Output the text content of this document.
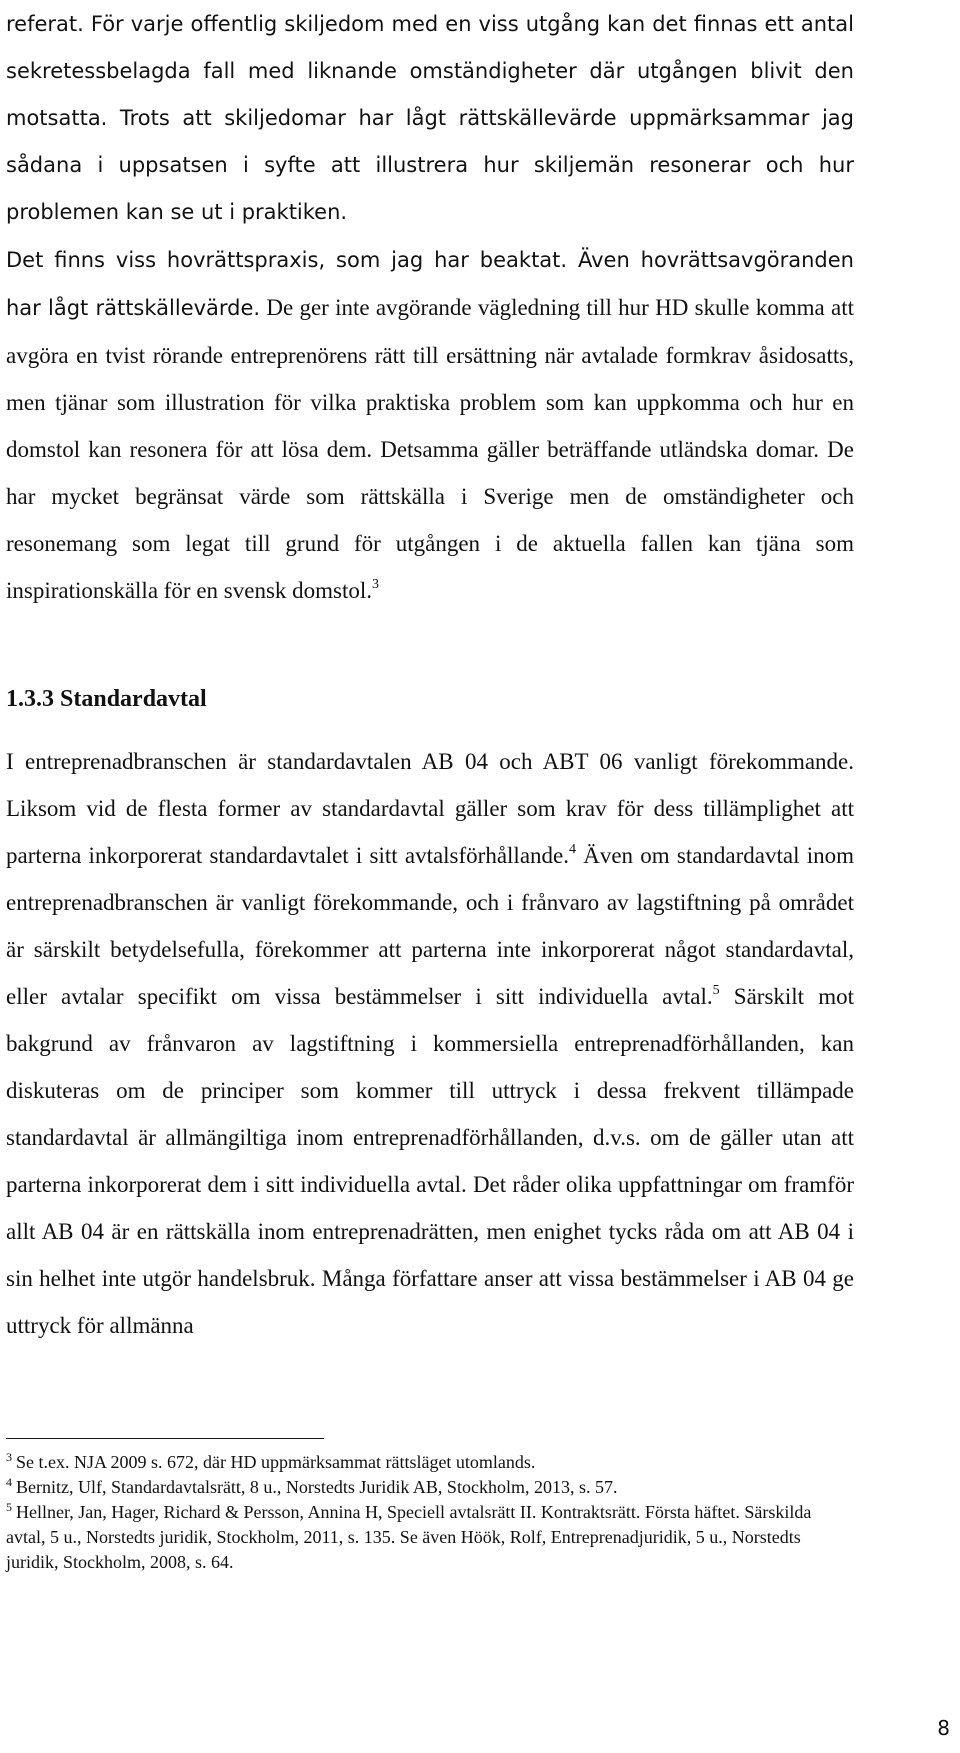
referat. För varje offentlig skiljedom med en viss utgång kan det finnas ett antal sekretessbelagda fall med liknande omständigheter där utgången blivit den motsatta. Trots att skiljedomar har lågt rättskällevärde uppmärksammar jag sådana i uppsatsen i syfte att illustrera hur skiljemän resonerar och hur problemen kan se ut i praktiken.

Det finns viss hovrättspraxis, som jag har beaktat. Även hovrättsavgöranden har lågt rättskällevärde. De ger inte avgörande vägledning till hur HD skulle komma att avgöra en tvist rörande entreprenörens rätt till ersättning när avtalade formkrav åsidosatts, men tjänar som illustration för vilka praktiska problem som kan uppkomma och hur en domstol kan resonera för att lösa dem. Detsamma gäller beträffande utländska domar. De har mycket begränsat värde som rättskälla i Sverige men de omständigheter och resonemang som legat till grund för utgången i de aktuella fallen kan tjäna som inspirationskälla för en svensk domstol.$^3$

1.3.3 Standardavtal

I entreprenadbranschen är standardavtalen AB 04 och ABT 06 vanligt förekommande. Liksom vid de flesta former av standardavtal gäller som krav för dess tillämplighet att parterna inkorporerat standardavtalet i sitt avtalsförhållande.$^4$ Även om standardavtal inom entreprenadbranschen är vanligt förekommande, och i frånvaro av lagstiftning på området är särskilt betydelsefulla, förekommer att parterna inte inkorporerat något standardavtal, eller avtalar specifikt om vissa bestämmelser i sitt individuella avtal.$^5$ Särskilt mot bakgrund av frånvaron av lagstiftning i kommersiella entreprenadförhållanden, kan diskuteras om de principer som kommer till uttryck i dessa frekvent tillämpade standardavtal är allmängiltiga inom entreprenadförhållanden, d.v.s. om de gäller utan att parterna inkorporerat dem i sitt individuella avtal. Det råder olika uppfattningar om framför allt AB 04 är en rättskälla inom entreprenadrätten, men enighet tycks råda om att AB 04 i sin helhet inte utgör handelsbruk. Många författare anser att vissa bestämmelser i AB 04 ge uttryck för allmänna

$^3$ Se t.ex. NJA 2009 s. 672, där HD uppmärksammat rättsläget utomlands.

$^4$ Bernitz, Ulf, Standardavtalsrätt, 8 u., Norstedts Juridik AB, Stockholm, 2013, s. 57.

$^5$ Hellner, Jan, Hager, Richard & Persson, Annina H, Speciell avtalsrätt II. Kontraktsrätt. Första häftet. Särskilda avtal, 5 u., Norstedts juridik, Stockholm, 2011, s. 135. Se även Höök, Rolf, Entreprenadjuridik, 5 u., Norstedts juridik, Stockholm, 2008, s. 64.

8
